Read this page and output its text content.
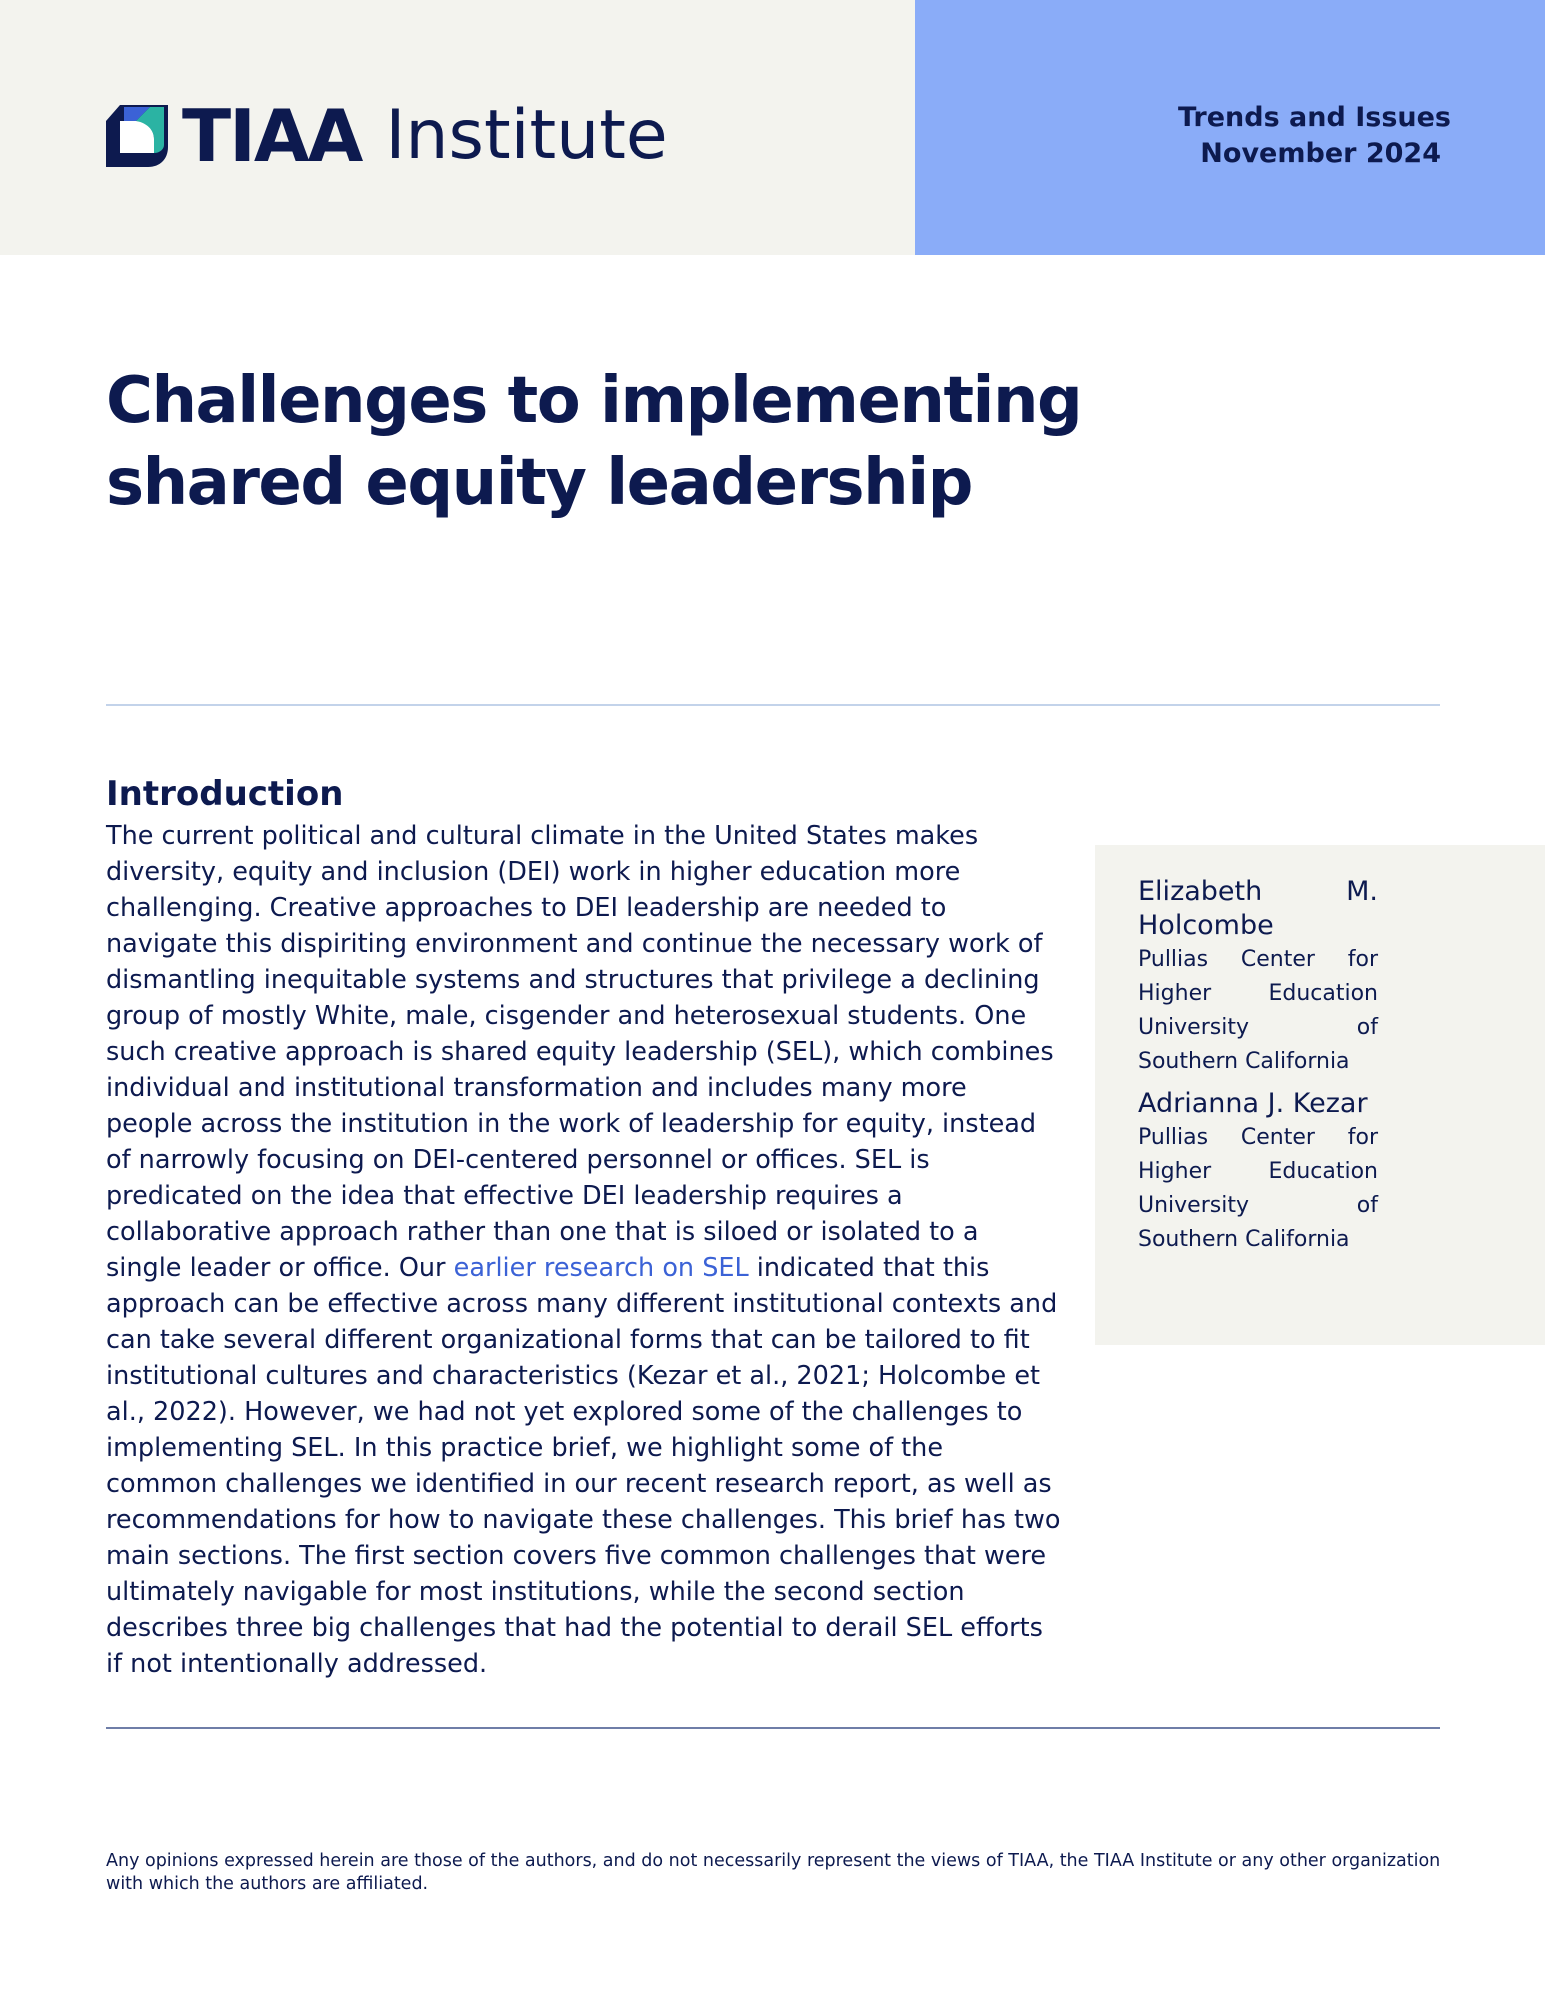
TIAA Institute	Trends and Issues
November 2024
Challenges to implementing shared equity leadership
Introduction

The current political and cultural climate in the United States makes diversity, equity and inclusion (DEI) work in higher education more challenging. Creative approaches to DEI leadership are needed to navigate this dispiriting environment and continue the necessary work of dismantling inequitable systems and structures that privilege a declining group of mostly White, male, cisgender and heterosexual students. One such creative approach is shared equity leadership (SEL), which combines individual and institutional transformation and includes many more people across the institution in the work of leadership for equity, instead of narrowly focusing on DEI-centered personnel or offices. SEL is predicated on the idea that effective DEI leadership requires a collaborative approach rather than one that is siloed or isolated to a single leader or office. Our earlier research on SEL indicated that this approach can be effective across many different institutional contexts and can take several different organizational forms that can be tailored to fit institutional cultures and characteristics (Kezar et al., 2021; Holcombe et al., 2022). However, we had not yet explored some of the challenges to implementing SEL. In this practice brief, we highlight some of the common challenges we identified in our recent research report, as well as recommendations for how to navigate these challenges. This brief has two main sections. The first section covers five common challenges that were ultimately navigable for most institutions, while the second section describes three big challenges that had the potential to derail SEL efforts if not intentionally addressed.

Elizabeth M. Holcombe
Pullias Center for Higher Education University of Southern California
Adrianna J. Kezar
Pullias Center for Higher Education University of Southern California

Any opinions expressed herein are those of the authors, and do not necessarily represent the views of TIAA, the TIAA Institute or any other organization with which the authors are affiliated.
